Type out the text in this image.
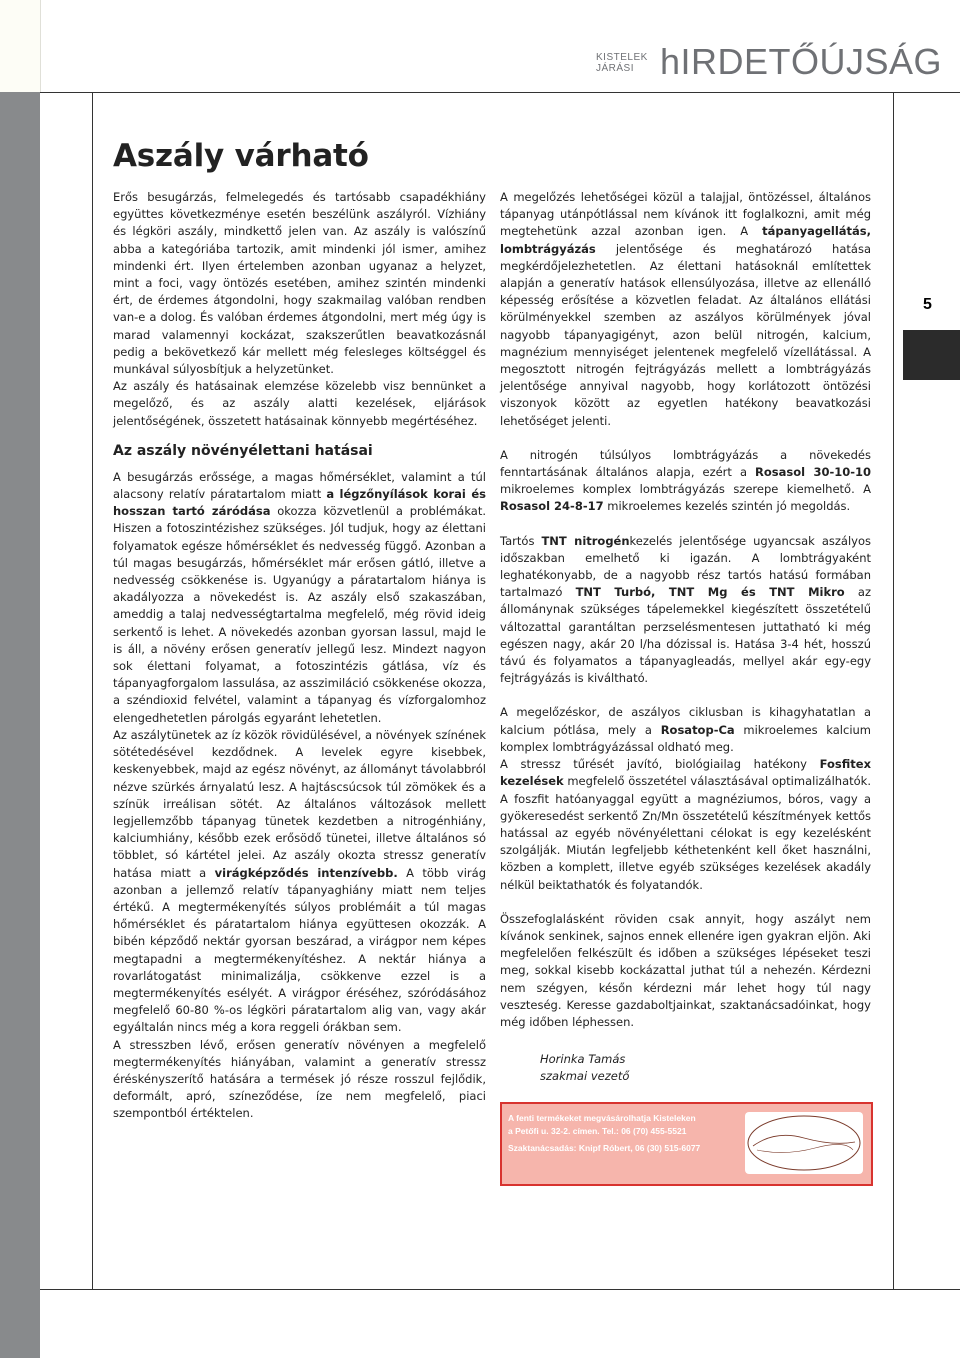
KISTELEK
JÁRÁSI hIRDETŐÚJSÁG
5
Aszály várható

Erős besugárzás, felmelegedés és tartósabb csapadékhiány együttes következménye esetén beszélünk aszályról. Vízhiány és légköri aszály, mindkettő jelen van. Az aszály is valószínű abba a kategóriába tartozik, amit mindenki jól ismer, amihez mindenki ért. Ilyen értelemben azonban ugyanaz a helyzet, mint a foci, vagy öntözés esetében, amihez szintén mindenki ért, de érdemes átgondolni, hogy szakmailag valóban rendben van-e a dolog. És valóban érdemes átgondolni, mert még úgy is marad valamennyi kockázat, szakszerűtlen beavatkozásnál pedig a bekövetkező kár mellett még felesleges költséggel és munkával súlyosbítjuk a helyzetünket.

Az aszály és hatásainak elemzése közelebb visz bennünket a megelőző, és az aszály alatti kezelések, eljárások jelentőségének, összetett hatásainak könnyebb megértéséhez.

Az aszály növényélettani hatásai

A besugárzás erőssége, a magas hőmérséklet, valamint a túl alacsony relatív páratartalom miatt a légzőnyílások korai és hosszan tartó záródása okozza közvetlenül a problémákat. Hiszen a fotoszintézishez szükséges. Jól tudjuk, hogy az élettani folyamatok egésze hőmérséklet és nedvesség függő. Azonban a túl magas besugárzás, hőmérséklet már erősen gátló, illetve a nedvesség csökkenése is. Ugyanúgy a páratartalom hiánya is akadályozza a növekedést is. Az aszály első szakaszában, ameddig a talaj nedvességtartalma megfelelő, még rövid ideig serkentő is lehet. A növekedés azonban gyorsan lassul, majd le is áll, a növény erősen generatív jellegű lesz. Mindezt nagyon sok élettani folyamat, a fotoszintézis gátlása, víz és tápanyagforgalom lassulása, az asszimiláció csökkenése okozza, a széndioxid felvétel, valamint a tápanyag és vízforgalomhoz elengedhetetlen párolgás egyaránt lehetetlen.

Az aszálytünetek az íz közök rövidülésével, a növények színének sötétedésével kezdődnek. A levelek egyre kisebbek, keskenyebbek, majd az egész növényt, az állományt távolabbról nézve szürkés árnyalatú lesz. A hajtáscsúcsok túl zömökek és a színük irreálisan sötét. Az általános változások mellett legjellemzőbb tápanyag tünetek kezdetben a nitrogénhiány, kalciumhiány, később ezek erősödő tünetei, illetve általános só többlet, só kártétel jelei. Az aszály okozta stressz generatív hatása miatt a virágképződés intenzívebb. A több virág azonban a jellemző relatív tápanyaghiány miatt nem teljes értékű. A megtermékenyítés súlyos problémáit a túl magas hőmérséklet és páratartalom hiánya együttesen okozzák. A bibén képződő nektár gyorsan beszárad, a virágpor nem képes megtapadni a megtermékenyítéshez. A nektár hiánya a rovarlátogatást minimalizálja, csökkenve ezzel is a megtermékenyítés esélyét. A virágpor éréséhez, szóródásához megfelelő 60-80 %-os légköri páratartalom alig van, vagy akár egyáltalán nincs még a kora reggeli órákban sem.

A stresszben lévő, erősen generatív növényen a megfelelő megtermékenyítés hiányában, valamint a generatív stressz éréskényszerítő hatására a termések jó része rosszul fejlődik, deformált, apró, színeződése, íze nem megfelelő, piaci szempontból értéktelen.

A megelőzés lehetőségei közül a talajjal, öntözéssel, általános tápanyag utánpótlással nem kívánok itt foglalkozni, amit még megtehetünk azzal azonban igen. A tápanyagellátás, lombtrágyázás jelentősége és meghatározó hatása megkérdőjelezhetetlen. Az élettani hatásoknál említettek alapján a generatív hatások ellensúlyozása, illetve az ellenálló képesség erősítése a közvetlen feladat. Az általános ellátási körülményekkel szemben az aszályos körülmények jóval nagyobb tápanyagigényt, azon belül nitrogén, kalcium, magnézium mennyiséget jelentenek megfelelő vízellátással. A megosztott nitrogén fejtrágyázás mellett a lombtrágyázás jelentősége annyival nagyobb, hogy korlátozott öntözési viszonyok között az egyetlen hatékony beavatkozási lehetőséget jelenti.

A nitrogén túlsúlyos lombtrágyázás a növekedés fenntartásának általános alapja, ezért a Rosasol 30-10-10 mikroelemes komplex lombtrágyázás szerepe kiemelhető. A Rosasol 24-8-17 mikroelemes kezelés szintén jó megoldás.

Tartós TNT nitrogénkezelés jelentősége ugyancsak aszályos időszakban emelhető ki igazán. A lombtrágyaként leghatékonyabb, de a nagyobb rész tartós hatású formában tartalmazó TNT Turbó, TNT Mg és TNT Mikro az állománynak szükséges tápelemekkel kiegészített összetételű változattal garantáltan perzselésmentesen juttatható ki még egészen nagy, akár 20 l/ha dózissal is. Hatása 3-4 hét, hosszú távú és folyamatos a tápanyagleadás, mellyel akár egy-egy fejtrágyázás is kiváltható.

A megelőzéskor, de aszályos ciklusban is kihagyhatatlan a kalcium pótlása, mely a Rosatop-Ca mikroelemes kalcium komplex lombtrágyázással oldható meg.

A stressz tűrését javító, biológiailag hatékony Fosfitex kezelések megfelelő összetétel választásával optimalizálhatók. A foszfit hatóanyaggal együtt a magnéziumos, bóros, vagy a gyökeresedést serkentő Zn/Mn összetételű készítmények kettős hatással az egyéb növényélettani célokat is egy kezelésként szolgálják. Miután legfeljebb kéthetenként kell őket használni, közben a komplett, illetve egyéb szükséges kezelések akadály nélkül beiktathatók és folyatandók.

Összefoglalásként röviden csak annyit, hogy aszályt nem kívánok senkinek, sajnos ennek ellenére igen gyakran eljön. Aki megfelelően felkészült és időben a szükséges lépéseket teszi meg, sokkal kisebb kockázattal juthat túl a nehezén. Kérdezni nem szégyen, későn kérdezni már lehet hogy túl nagy veszteség. Keresse gazdaboltjainkat, szaktanácsadóinkat, hogy még időben léphessen.

Horinka Tamás

szakmai vezető

A fenti termékeket megvásárolhatja Kisteleken
a Petőfi u. 32-2. címen. Tel.: 06 (70) 455-5521
Szaktanácsadás: Knipf Róbert, 06 (30) 515-6077
